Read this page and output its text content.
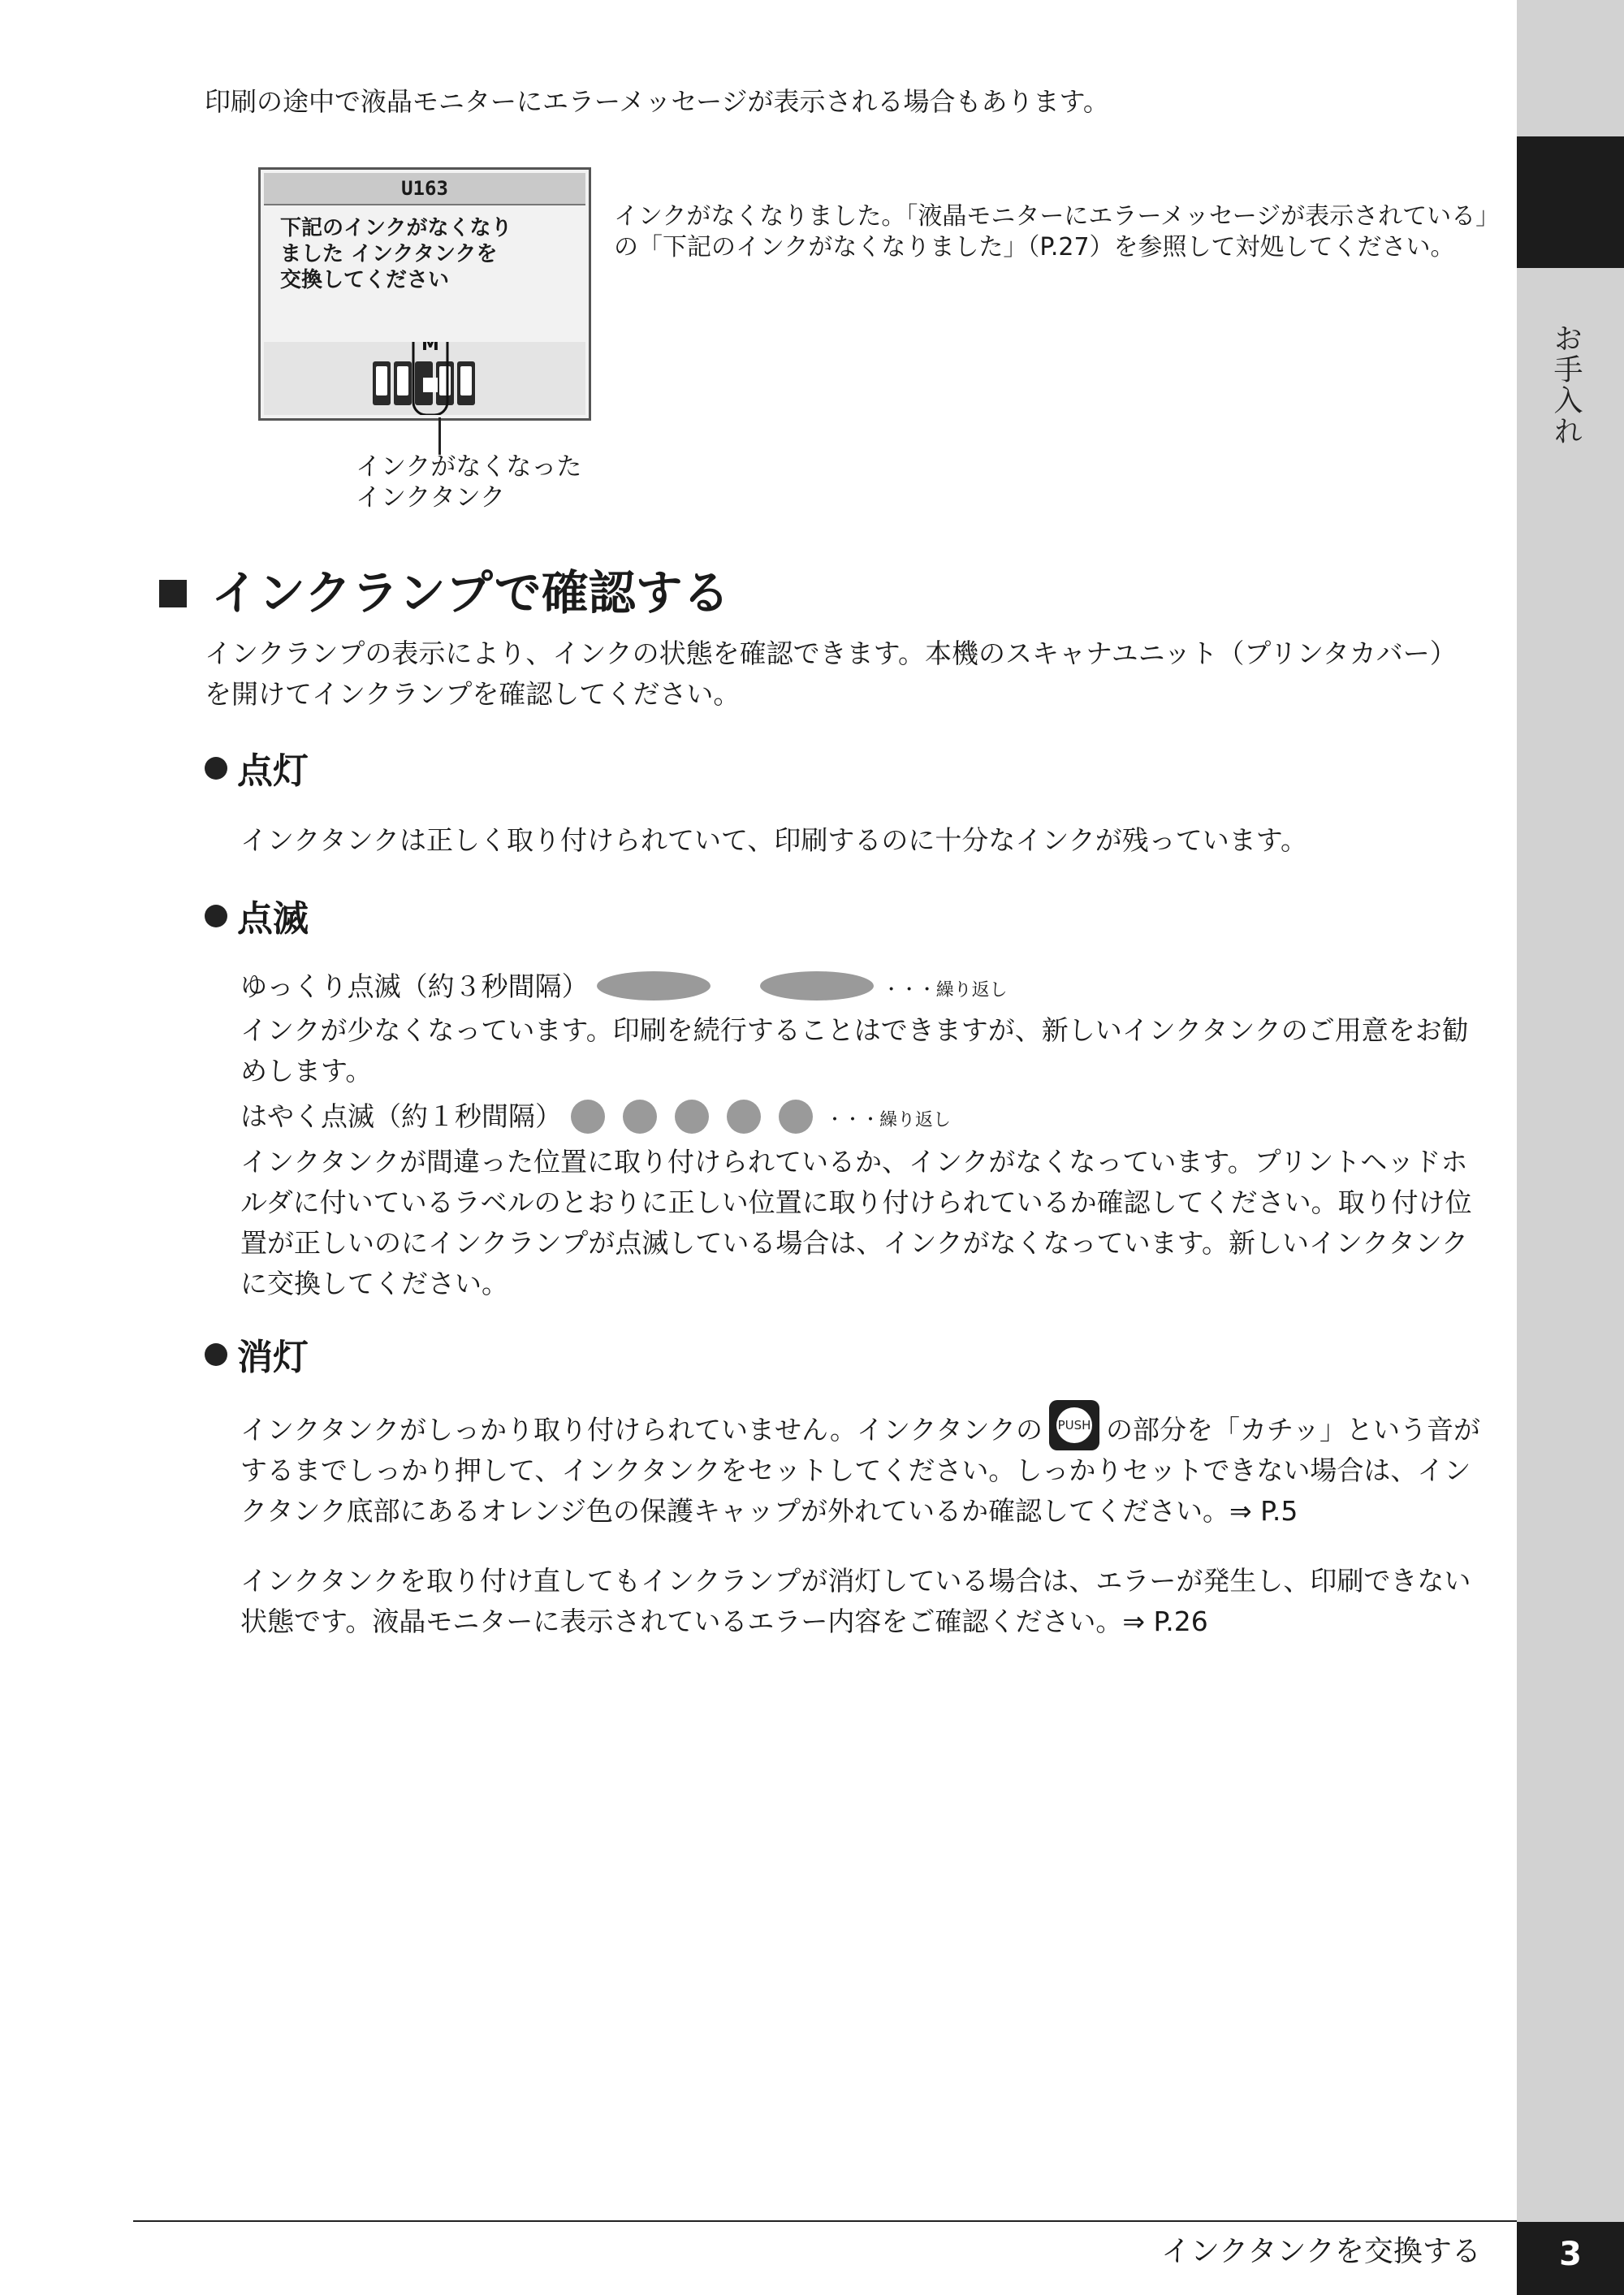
お手入れ

印刷の途中で液晶モニターにエラーメッセージが表示される場合もあります。

U163
下記のインクがなくなり
ました インクタンクを
交換してください
M
インクがなくなった
インクタンク

インクがなくなりました。「液晶モニターにエラーメッセージが表示されている」の「下記のインクがなくなりました」（P.27）を参照して対処してください。

インクランプで確認する

インクランプの表示により、インクの状態を確認できます。本機のスキャナユニット（プリンタカバー）を開けてインクランプを確認してください。

点灯

インクタンクは正しく取り付けられていて、印刷するのに十分なインクが残っています。

点滅
ゆっくり点滅（約３秒間隔）	・・・繰り返し

インクが少なくなっています。印刷を続行することはできますが、新しいインクタンクのご用意をお勧めします。

はやく点滅（約１秒間隔）	・・・繰り返し

インクタンクが間違った位置に取り付けられているか、インクがなくなっています。プリントヘッドホルダに付いているラベルのとおりに正しい位置に取り付けられているか確認してください。取り付け位置が正しいのにインクランプが点滅している場合は、インクがなくなっています。新しいインクタンクに交換してください。

消灯

インクタンクがしっかり取り付けられていません。インクタンクの PUSH の部分を「カチッ」という音がするまでしっかり押して、インクタンクをセットしてください。しっかりセットできない場合は、インクタンク底部にあるオレンジ色の保護キャップが外れているか確認してください。⇒ P.5

インクタンクを取り付け直してもインクランプが消灯している場合は、エラーが発生し、印刷できない状態です。液晶モニターに表示されているエラー内容をご確認ください。⇒ P.26

インクタンクを交換する	3
